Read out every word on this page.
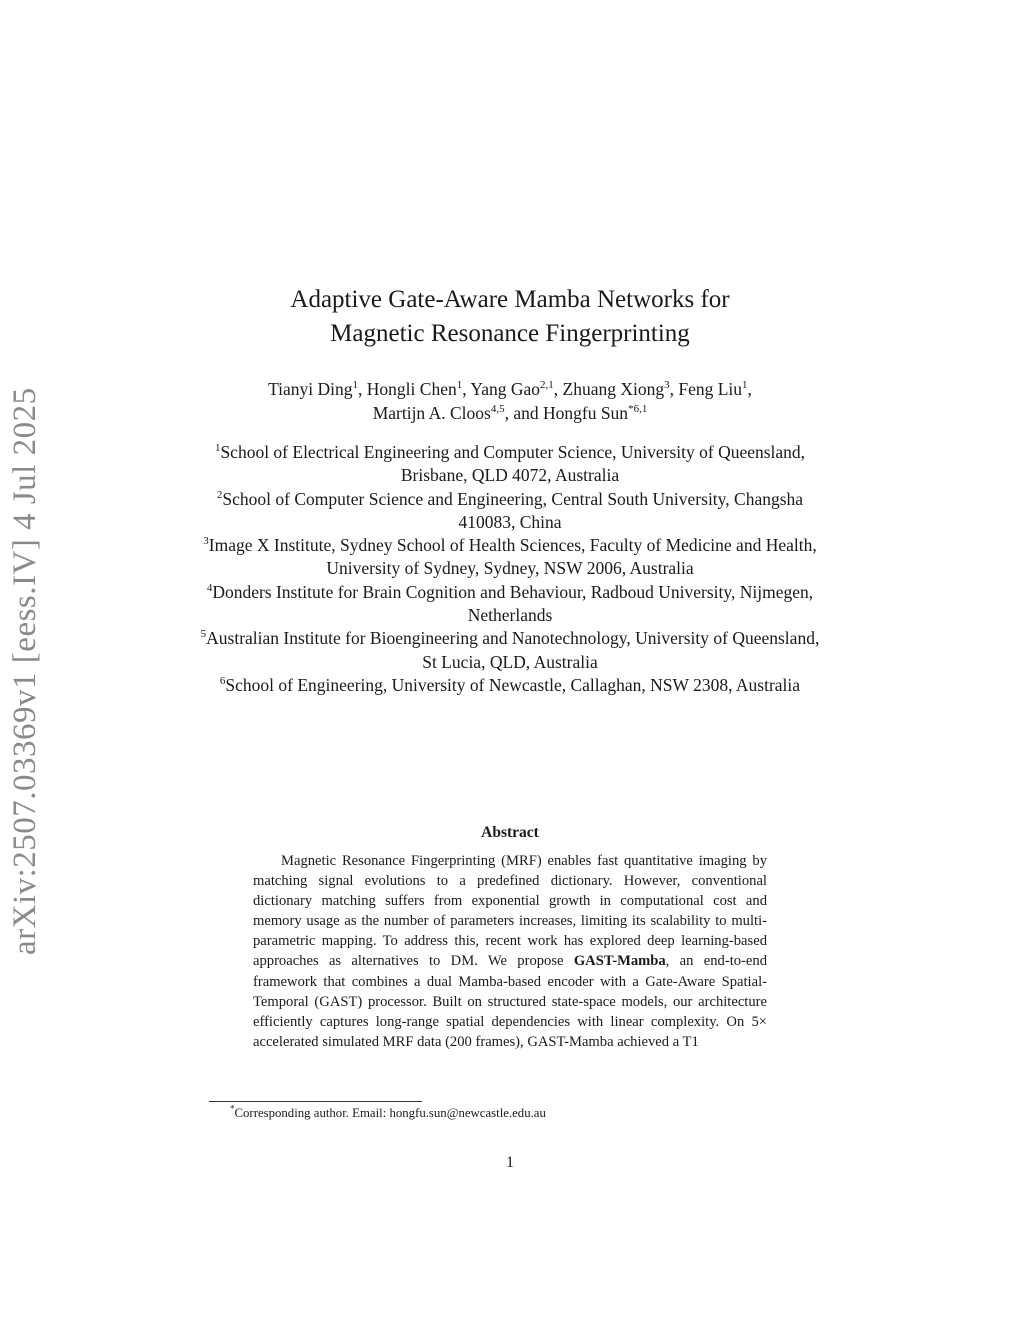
arXiv:2507.03369v1 [eess.IV] 4 Jul 2025
Adaptive Gate-Aware Mamba Networks for
Magnetic Resonance Fingerprinting
Tianyi Ding$^1$, Hongli Chen$^1$, Yang Gao$^{2,1}$, Zhuang Xiong$^3$, Feng Liu$^1$,
Martijn A. Cloos$^{4,5}$, and Hongfu Sun$^{*6,1}$
$^1$School of Electrical Engineering and Computer Science, University of Queensland, Brisbane, QLD 4072, Australia
$^2$School of Computer Science and Engineering, Central South University, Changsha 410083, China
$^3$Image X Institute, Sydney School of Health Sciences, Faculty of Medicine and Health, University of Sydney, Sydney, NSW 2006, Australia
$^4$Donders Institute for Brain Cognition and Behaviour, Radboud University, Nijmegen, Netherlands
$^5$Australian Institute for Bioengineering and Nanotechnology, University of Queensland, St Lucia, QLD, Australia
$^6$School of Engineering, University of Newcastle, Callaghan, NSW 2308, Australia
Abstract
Magnetic Resonance Fingerprinting (MRF) enables fast quantitative imaging by matching signal evolutions to a predefined dictionary. However, conventional dictionary matching suffers from exponential growth in computational cost and memory usage as the number of parameters increases, limiting its scalability to multi-parametric mapping. To address this, recent work has explored deep learning-based approaches as alternatives to DM. We propose GAST-Mamba, an end-to-end framework that combines a dual Mamba-based encoder with a Gate-Aware Spatial-Temporal (GAST) processor. Built on structured state-space models, our architecture efficiently captures long-range spatial dependencies with linear complexity. On 5× accelerated simulated MRF data (200 frames), GAST-Mamba achieved a T1
*Corresponding author. Email: hongfu.sun@newcastle.edu.au
1
